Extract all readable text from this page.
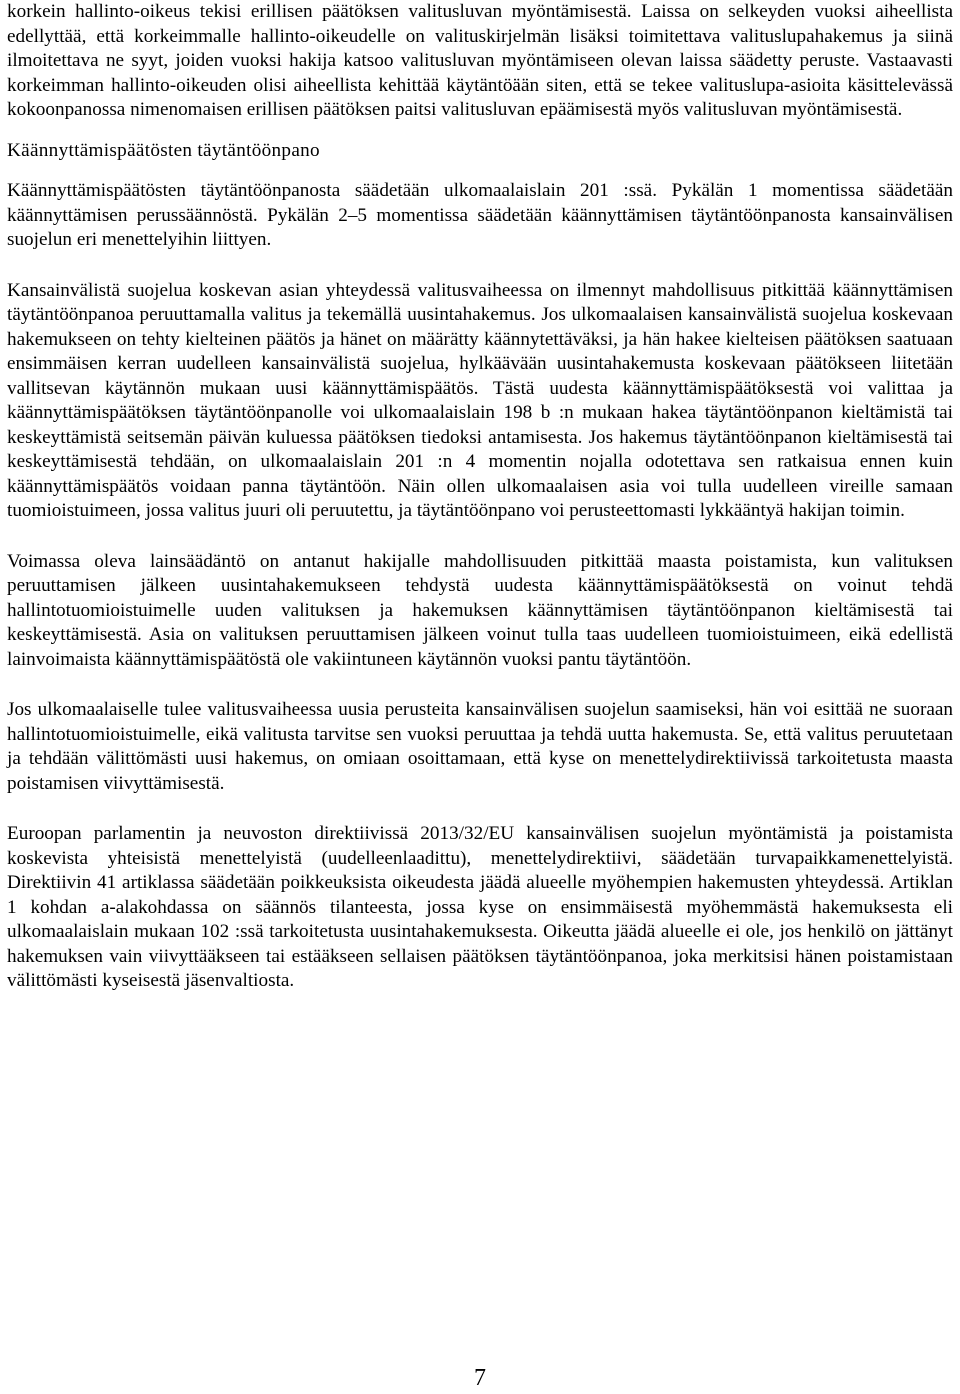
korkein hallinto-oikeus tekisi erillisen päätöksen valitusluvan myöntämisestä. Laissa on selkeyden vuoksi aiheellista edellyttää, että korkeimmalle hallinto-oikeudelle on valituskirjelmän lisäksi toimitettava valituslupahakemus ja siinä ilmoitettava ne syyt, joiden vuoksi hakija katsoo valitusluvan myöntämiseen olevan laissa säädetty peruste. Vastaavasti korkeimman hallinto-oikeuden olisi aiheellista kehittää käytäntöään siten, että se tekee valituslupa-asioita käsittelevässä kokoonpanossa nimenomaisen erillisen päätöksen paitsi valitusluvan epäämisestä myös valitusluvan myöntämisestä.

Käännyttämispäätösten täytäntöönpano

Käännyttämispäätösten täytäntöönpanosta säädetään ulkomaalaislain 201 :ssä. Pykälän 1 momentissa säädetään käännyttämisen perussäännöstä. Pykälän 2–5 momentissa säädetään käännyttämisen täytäntöönpanosta kansainvälisen suojelun eri menettelyihin liittyen.

Kansainvälistä suojelua koskevan asian yhteydessä valitusvaiheessa on ilmennyt mahdollisuus pitkittää käännyttämisen täytäntöönpanoa peruuttamalla valitus ja tekemällä uusintahakemus. Jos ulkomaalaisen kansainvälistä suojelua koskevaan hakemukseen on tehty kielteinen päätös ja hänet on määrätty käännytettäväksi, ja hän hakee kielteisen päätöksen saatuaan ensimmäisen kerran uudelleen kansainvälistä suojelua, hylkäävään uusintahakemusta koskevaan päätökseen liitetään vallitsevan käytännön mukaan uusi käännyttämispäätös. Tästä uudesta käännyttämispäätöksestä voi valittaa ja käännyttämispäätöksen täytäntöönpanolle voi ulkomaalaislain 198 b :n mukaan hakea täytäntöönpanon kieltämistä tai keskeyttämistä seitsemän päivän kuluessa päätöksen tiedoksi antamisesta. Jos hakemus täytäntöönpanon kieltämisestä tai keskeyttämisestä tehdään, on ulkomaalaislain 201 :n 4 momentin nojalla odotettava sen ratkaisua ennen kuin käännyttämispäätös voidaan panna täytäntöön. Näin ollen ulkomaalaisen asia voi tulla uudelleen vireille samaan tuomioistuimeen, jossa valitus juuri oli peruutettu, ja täytäntöönpano voi perusteettomasti lykkääntyä hakijan toimin.

Voimassa oleva lainsäädäntö on antanut hakijalle mahdollisuuden pitkittää maasta poistamista, kun valituksen peruuttamisen jälkeen uusintahakemukseen tehdystä uudesta käännyttämispäätöksestä on voinut tehdä hallintotuomioistuimelle uuden valituksen ja hakemuksen käännyttämisen täytäntöönpanon kieltämisestä tai keskeyttämisestä. Asia on valituksen peruuttamisen jälkeen voinut tulla taas uudelleen tuomioistuimeen, eikä edellistä lainvoimaista käännyttämispäätöstä ole vakiintuneen käytännön vuoksi pantu täytäntöön.

Jos ulkomaalaiselle tulee valitusvaiheessa uusia perusteita kansainvälisen suojelun saamiseksi, hän voi esittää ne suoraan hallintotuomioistuimelle, eikä valitusta tarvitse sen vuoksi peruuttaa ja tehdä uutta hakemusta. Se, että valitus peruutetaan ja tehdään välittömästi uusi hakemus, on omiaan osoittamaan, että kyse on menettelydirektiivissä tarkoitetusta maasta poistamisen viivyttämisestä.

Euroopan parlamentin ja neuvoston direktiivissä 2013/32/EU kansainvälisen suojelun myöntämistä ja poistamista koskevista yhteisistä menettelyistä (uudelleenlaadittu), menettelydirektiivi, säädetään turvapaikkamenettelyistä. Direktiivin 41 artiklassa säädetään poikkeuksista oikeudesta jäädä alueelle myöhempien hakemusten yhteydessä. Artiklan 1 kohdan a-alakohdassa on säännös tilanteesta, jossa kyse on ensimmäisestä myöhemmästä hakemuksesta eli ulkomaalaislain mukaan 102 :ssä tarkoitetusta uusintahakemuksesta. Oikeutta jäädä alueelle ei ole, jos henkilö on jättänyt hakemuksen vain viivyttääkseen tai estääkseen sellaisen päätöksen täytäntöönpanoa, joka merkitsisi hänen poistamistaan välittömästi kyseisestä jäsenvaltiosta.

7
